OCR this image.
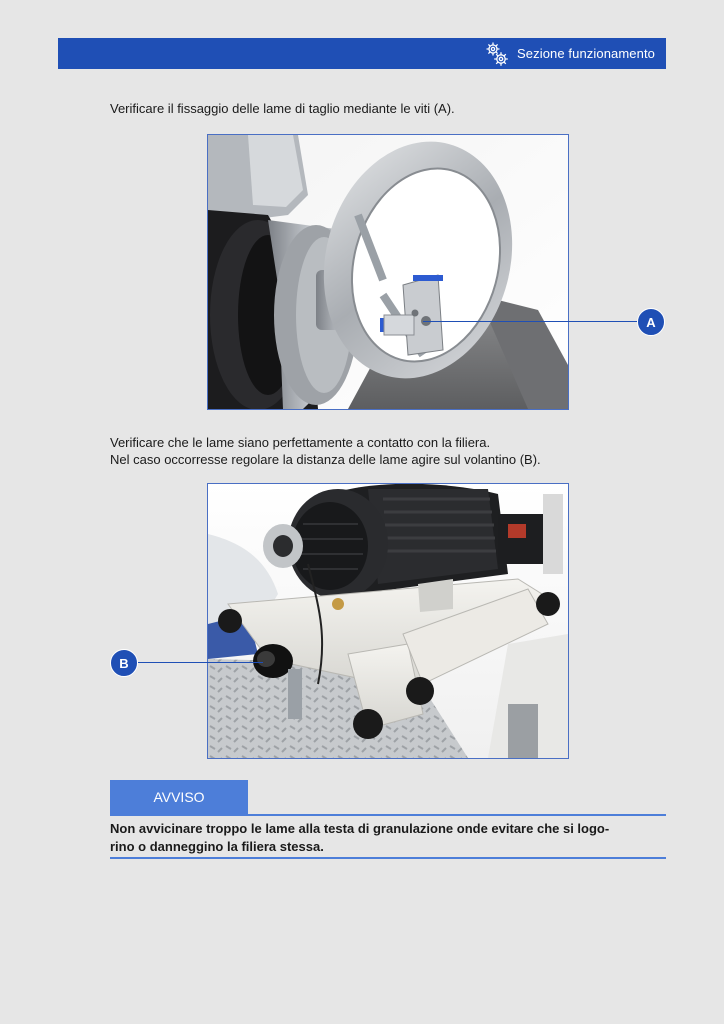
Sezione funzionamento
Verificare il fissaggio delle lame di taglio mediante le viti (A).
A
Verificare che le lame siano perfettamente a contatto con la filiera.
Nel caso occorresse regolare la distanza delle lame agire sul volantino (B).
B
AVVISO
Non avvicinare troppo le lame alla testa di granulazione onde evitare che si logo-
rino o danneggino la filiera stessa.
